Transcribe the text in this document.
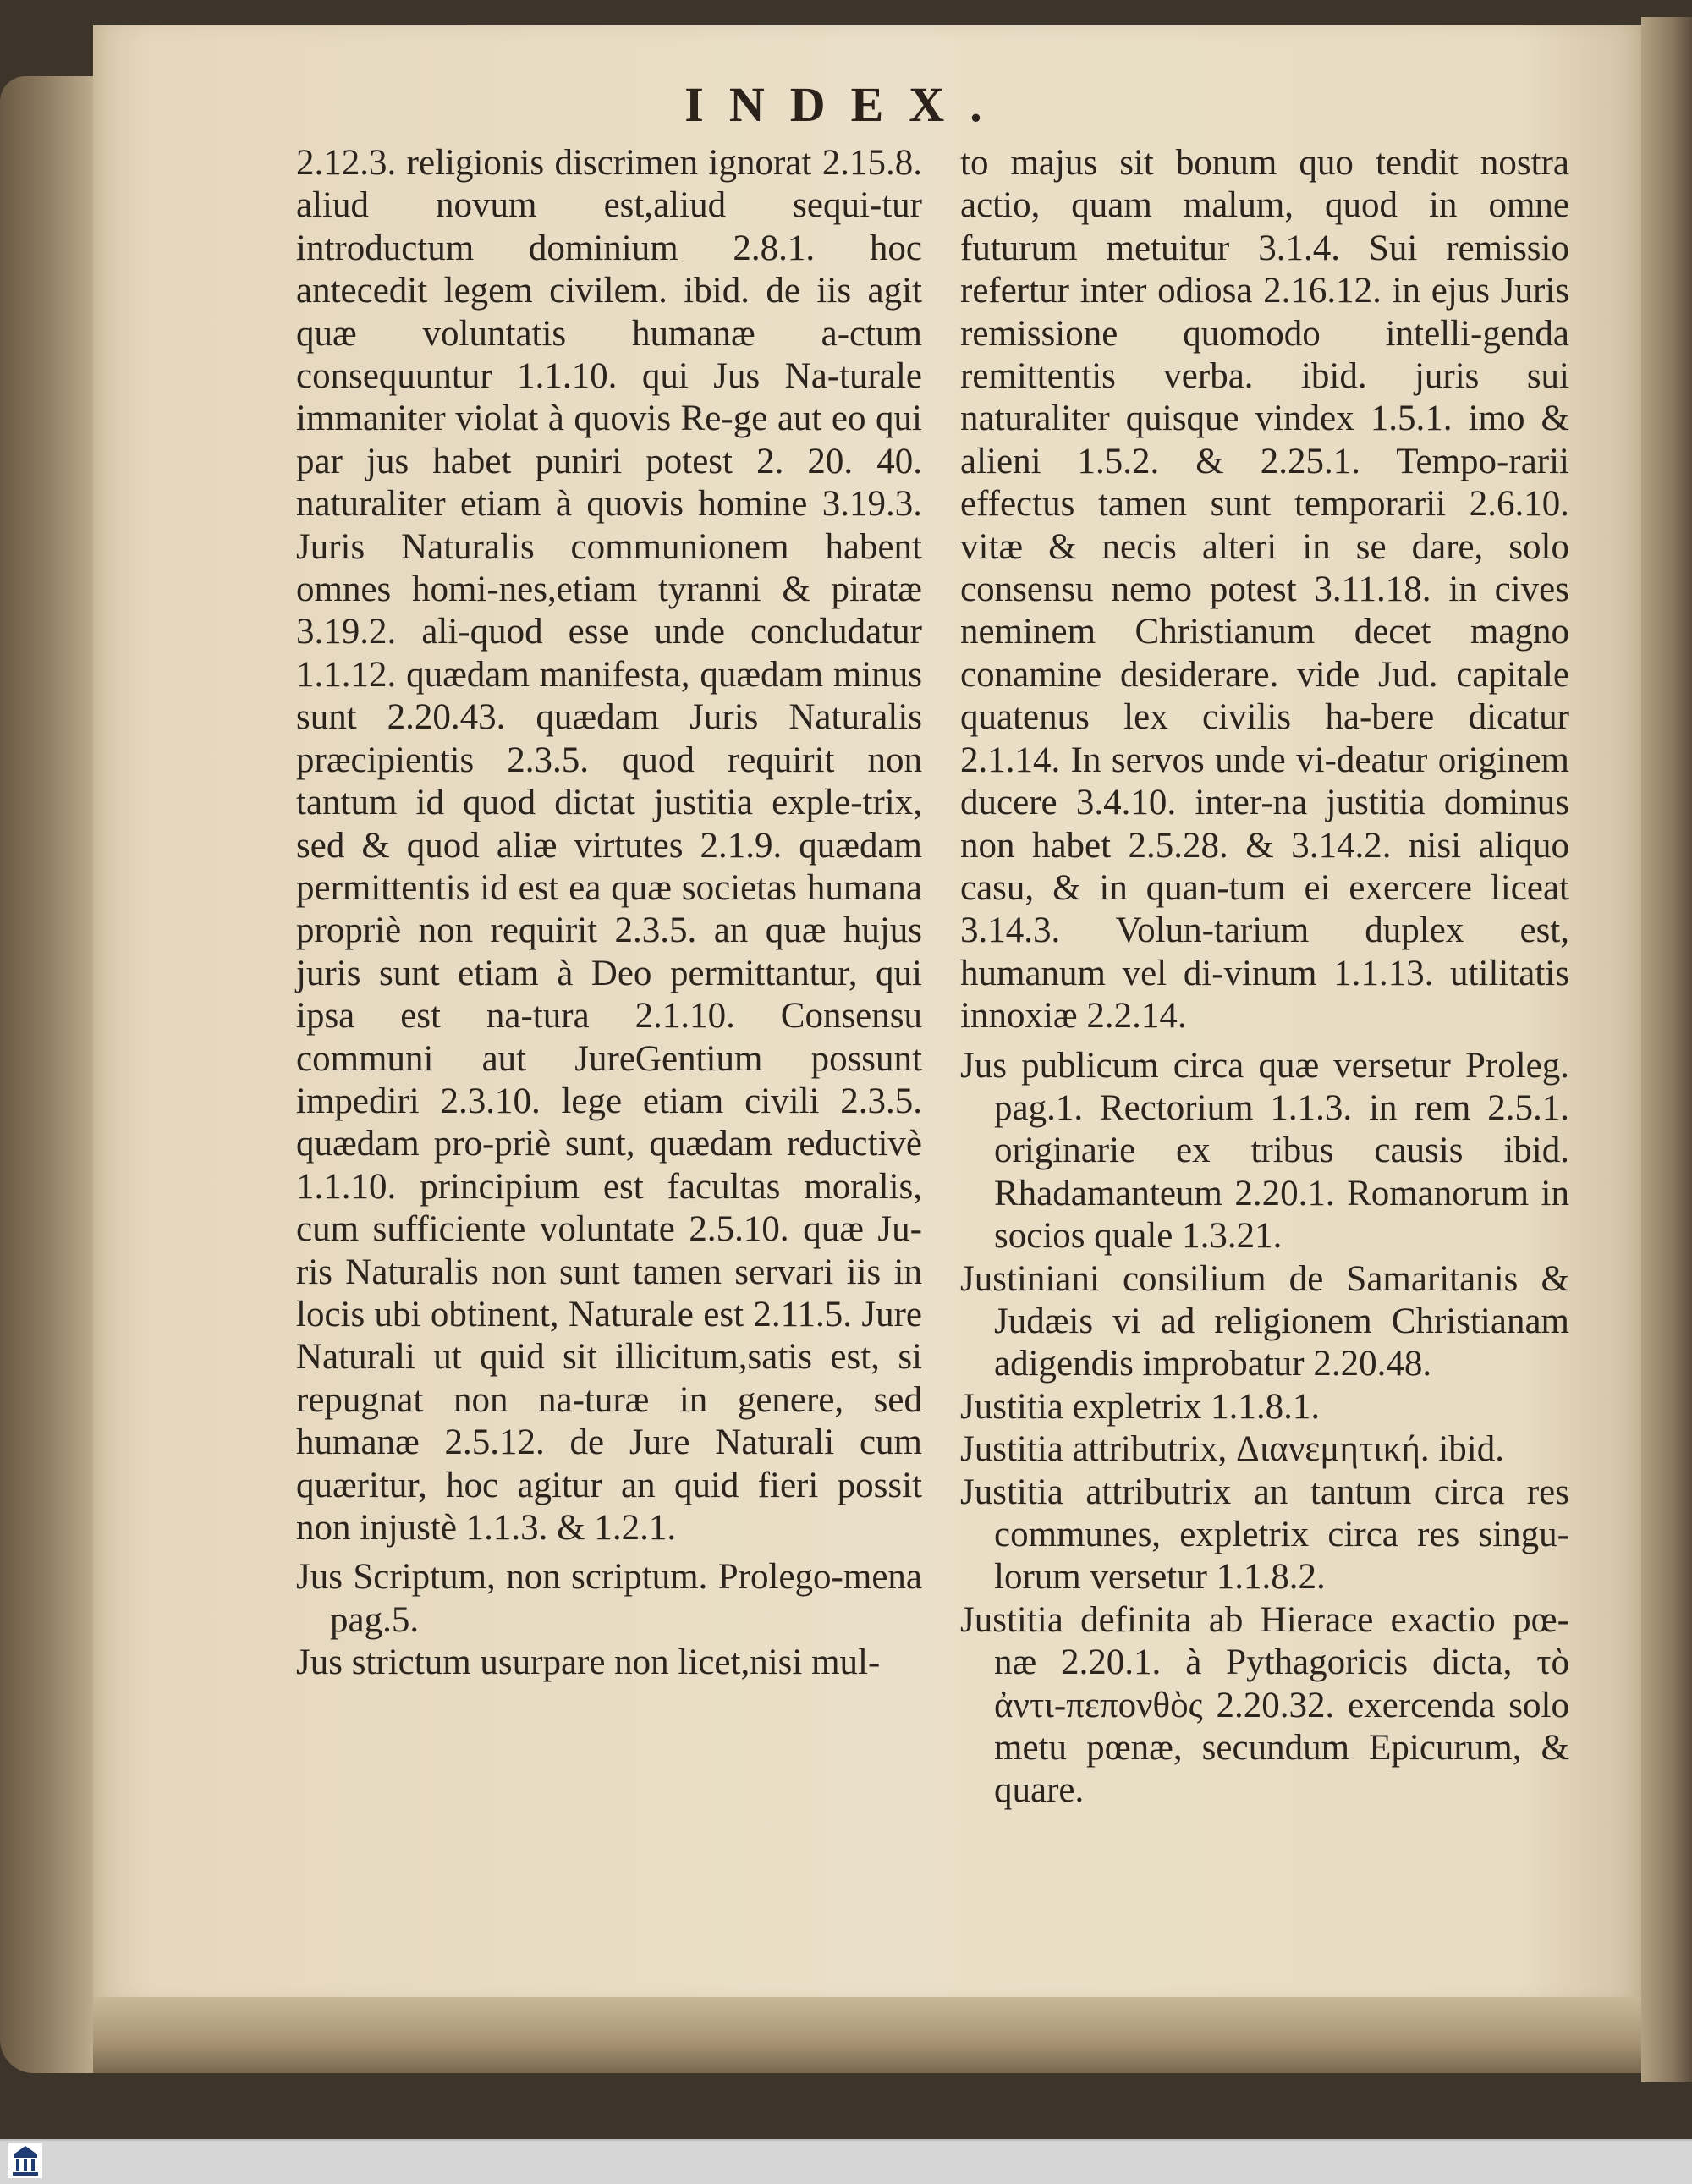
INDEX.

2.12.3. religionis discrimen ignorat 2.15.8. aliud novum est,aliud sequi-tur introductum dominium 2.8.1. hoc antecedit legem civilem. ibid. de iis agit quæ voluntatis humanæ a-ctum consequuntur 1.1.10. qui Jus Na-turale immaniter violat à quovis Re-ge aut eo qui par jus habet puniri potest 2. 20. 40. naturaliter etiam à quovis homine 3.19.3. Juris Naturalis communionem habent omnes homi-nes,etiam tyranni & piratæ 3.19.2. ali-quod esse unde concludatur 1.1.12. quædam manifesta, quædam minus sunt 2.20.43. quædam Juris Naturalis præcipientis 2.3.5. quod requirit non tantum id quod dictat justitia exple-trix, sed & quod aliæ virtutes 2.1.9. quædam permittentis id est ea quæ societas humana propriè non requirit 2.3.5. an quæ hujus juris sunt etiam à Deo permittantur, qui ipsa est na-tura 2.1.10. Consensu communi aut JureGentium possunt impediri 2.3.10. lege etiam civili 2.3.5. quædam pro-priè sunt, quædam reductivè 1.1.10. principium est facultas moralis, cum sufficiente voluntate 2.5.10. quæ Ju-ris Naturalis non sunt tamen servari iis in locis ubi obtinent, Naturale est 2.11.5. Jure Naturali ut quid sit illicitum,satis est, si repugnat non na-turæ in genere, sed humanæ 2.5.12. de Jure Naturali cum quæritur, hoc agitur an quid fieri possit non injustè 1.1.3. & 1.2.1.

Jus Scriptum, non scriptum. Prolego-mena pag.5.

Jus strictum usurpare non licet,nisi mul-

to majus sit bonum quo tendit nostra actio, quam malum, quod in omne futurum metuitur 3.1.4. Sui remissio refertur inter odiosa 2.16.12. in ejus Juris remissione quomodo intelli-genda remittentis verba. ibid. juris sui naturaliter quisque vindex 1.5.1. imo & alieni 1.5.2. & 2.25.1. Tempo-rarii effectus tamen sunt temporarii 2.6.10. vitæ & necis alteri in se dare, solo consensu nemo potest 3.11.18. in cives neminem Christianum decet magno conamine desiderare. vide Jud. capitale quatenus lex civilis ha-bere dicatur 2.1.14. In servos unde vi-deatur originem ducere 3.4.10. inter-na justitia dominus non habet 2.5.28. & 3.14.2. nisi aliquo casu, & in quan-tum ei exercere liceat 3.14.3. Volun-tarium duplex est, humanum vel di-vinum 1.1.13. utilitatis innoxiæ 2.2.14.

Jus publicum circa quæ versetur Proleg. pag.1. Rectorium 1.1.3. in rem 2.5.1. originarie ex tribus causis ibid. Rhadamanteum 2.20.1. Romanorum in socios quale 1.3.21.

Justiniani consilium de Samaritanis & Judæis vi ad religionem Christianam adigendis improbatur 2.20.48.

Justitia expletrix 1.1.8.1.

Justitia attributrix, Διανεμητική. ibid.

Justitia attributrix an tantum circa res communes, expletrix circa res singu-lorum versetur 1.1.8.2.

Justitia definita ab Hierace exactio pœ-næ 2.20.1. à Pythagoricis dicta, τὸ ἀντι-πεπονθὸς 2.20.32. exercenda solo metu pœnæ, secundum Epicurum, & quare.
